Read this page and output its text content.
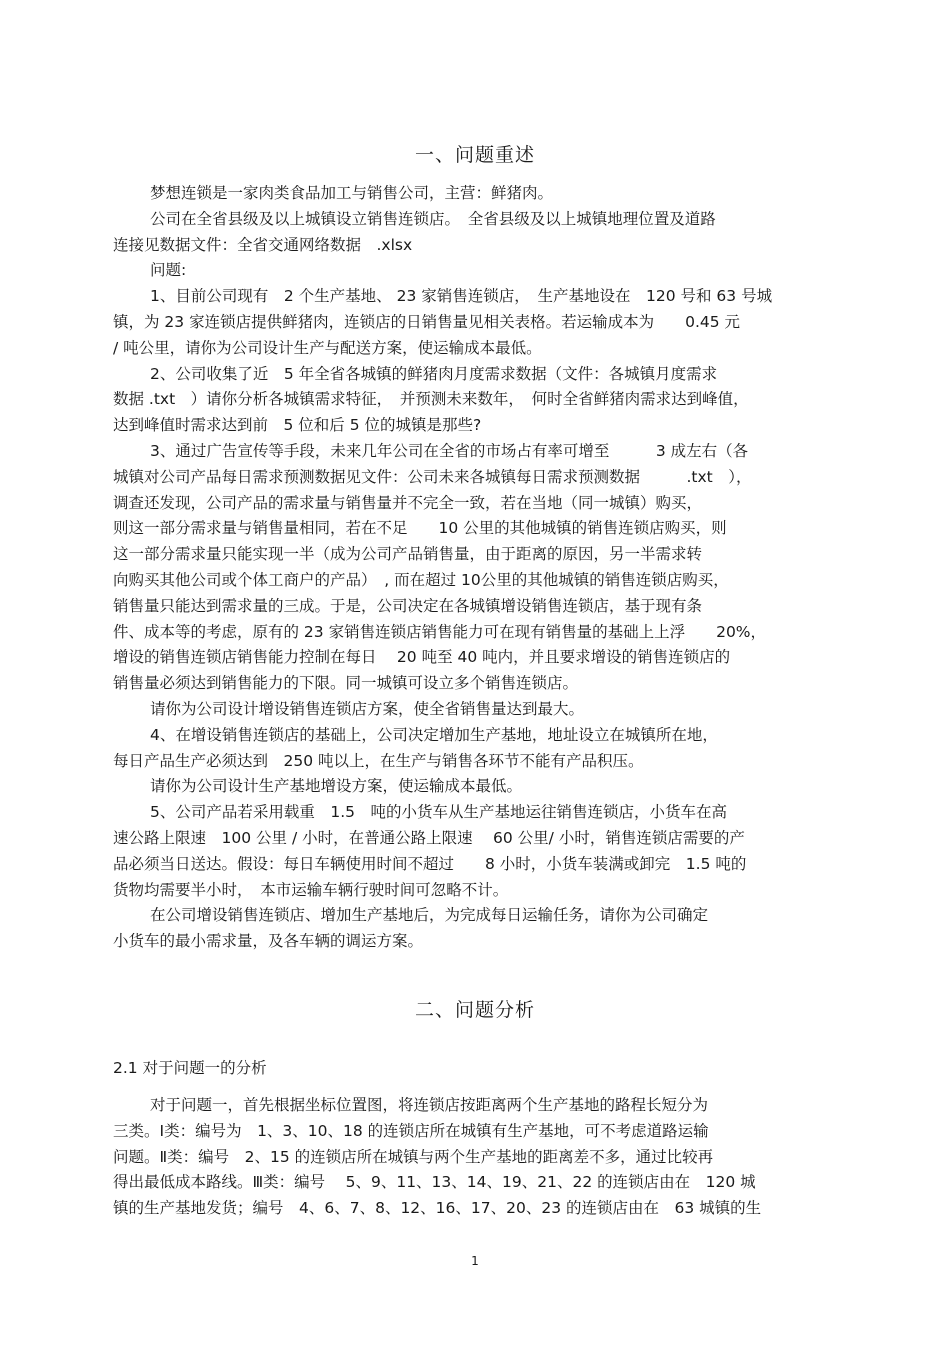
一、问题重述
梦想连锁是一家肉类食品加工与销售公司，主营：鲜猪肉。
公司在全省县级及以上城镇设立销售连锁店。　全省县级及以上城镇地理位置及道路
连接见数据文件：全省交通网络数据　.xlsx
问题:
1、目前公司现有　2 个生产基地、 23 家销售连锁店，　生产基地设在　120 号和 63 号城
镇，为 23 家连锁店提供鲜猪肉，连锁店的日销售量见相关表格。若运输成本为　　0.45 元
/ 吨公里，请你为公司设计生产与配送方案，使运输成本最低。
2、公司收集了近　5 年全省各城镇的鲜猪肉月度需求数据（文件：各城镇月度需求
数据 .txt　）请你分析各城镇需求特征，　并预测未来数年，　何时全省鲜猪肉需求达到峰值，
达到峰值时需求达到前　5 位和后 5 位的城镇是那些?
3、通过广告宣传等手段，未来几年公司在全省的市场占有率可增至　　　3 成左右（各
城镇对公司产品每日需求预测数据见文件：公司未来各城镇每日需求预测数据　　　.txt　），
调查还发现，公司产品的需求量与销售量并不完全一致，若在当地（同一城镇）购买，
则这一部分需求量与销售量相同，若在不足　　10 公里的其他城镇的销售连锁店购买，则
这一部分需求量只能实现一半（成为公司产品销售量，由于距离的原因，另一半需求转
向购买其他公司或个体工商户的产品）　, 而在超过 10公里的其他城镇的销售连锁店购买，
销售量只能达到需求量的三成。于是，公司决定在各城镇增设销售连锁店，基于现有条
件、成本等的考虑，原有的 23 家销售连锁店销售能力可在现有销售量的基础上上浮　　20%，
增设的销售连锁店销售能力控制在每日　 20 吨至 40 吨内，并且要求增设的销售连锁店的
销售量必须达到销售能力的下限。同一城镇可设立多个销售连锁店。
请你为公司设计增设销售连锁店方案，使全省销售量达到最大。
4、在增设销售连锁店的基础上，公司决定增加生产基地，地址设立在城镇所在地，
每日产品生产必须达到　250 吨以上，在生产与销售各环节不能有产品积压。
请你为公司设计生产基地增设方案，使运输成本最低。
5、公司产品若采用载重　1.5　吨的小货车从生产基地运往销售连锁店，小货车在高
速公路上限速　100 公里 / 小时，在普通公路上限速　 60 公里/ 小时，销售连锁店需要的产
品必须当日送达。假设：每日车辆使用时间不超过　　8 小时，小货车装满或卸完　1.5 吨的
货物均需要半小时，　本市运输车辆行驶时间可忽略不计。
在公司增设销售连锁店、增加生产基地后，为完成每日运输任务，请你为公司确定
小货车的最小需求量，及各车辆的调运方案。
二、问题分析
2.1 对于问题一的分析
对于问题一，首先根据坐标位置图，将连锁店按距离两个生产基地的路程长短分为
三类。Ⅰ类：编号为　1、3、10、18 的连锁店所在城镇有生产基地，可不考虑道路运输
问题。Ⅱ类：编号　2、15 的连锁店所在城镇与两个生产基地的距离差不多，通过比较再
得出最低成本路线。Ⅲ类：编号　 5、9、11、13、14、19、21、22 的连锁店由在　120 城
镇的生产基地发货；编号　4、6、7、8、12、16、17、20、23 的连锁店由在　63 城镇的生
1
